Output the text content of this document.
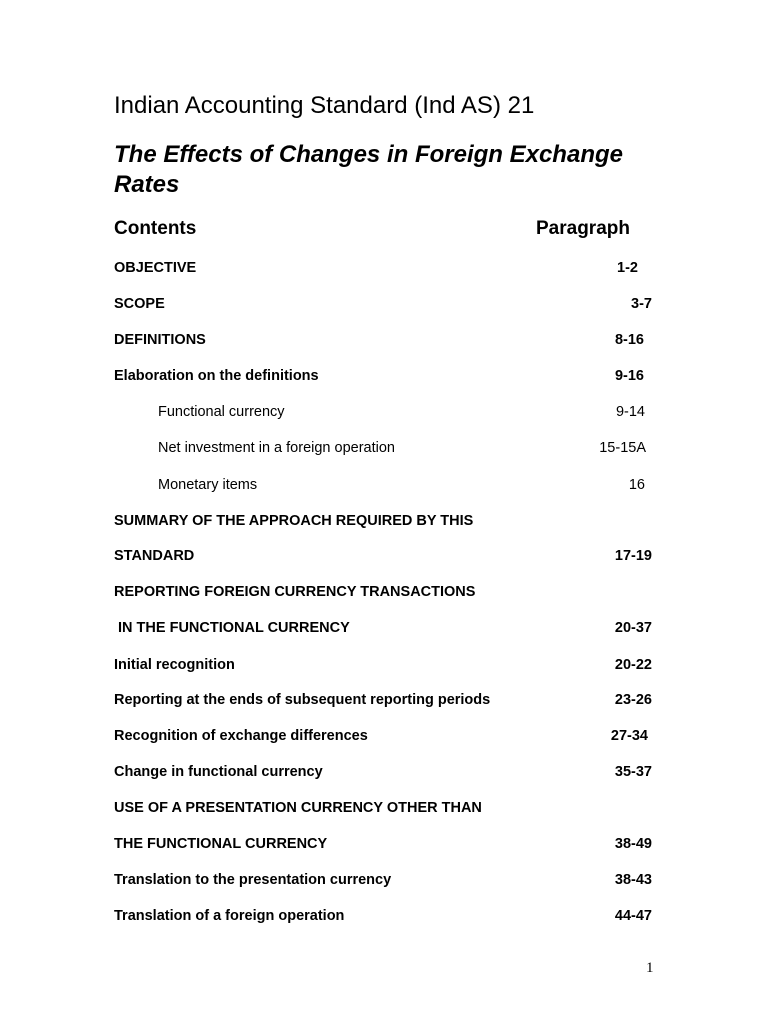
Indian Accounting Standard (Ind AS) 21
The Effects of Changes in Foreign Exchange Rates
Contents	Paragraph
OBJECTIVE	1-2
SCOPE	3-7
DEFINITIONS	8-16
Elaboration on the definitions	9-16
Functional currency	9-14
Net investment in a foreign operation	15-15A
Monetary items	16
SUMMARY OF THE APPROACH REQUIRED BY THIS
STANDARD	17-19
REPORTING FOREIGN CURRENCY TRANSACTIONS
IN THE FUNCTIONAL CURRENCY	20-37
Initial recognition	20-22
Reporting at the ends of subsequent reporting periods	23-26
Recognition of exchange differences	27-34
Change in functional currency	35-37
USE OF A PRESENTATION CURRENCY OTHER THAN
THE FUNCTIONAL CURRENCY	38-49
Translation to the presentation currency	38-43
Translation of a foreign operation	44-47
1
